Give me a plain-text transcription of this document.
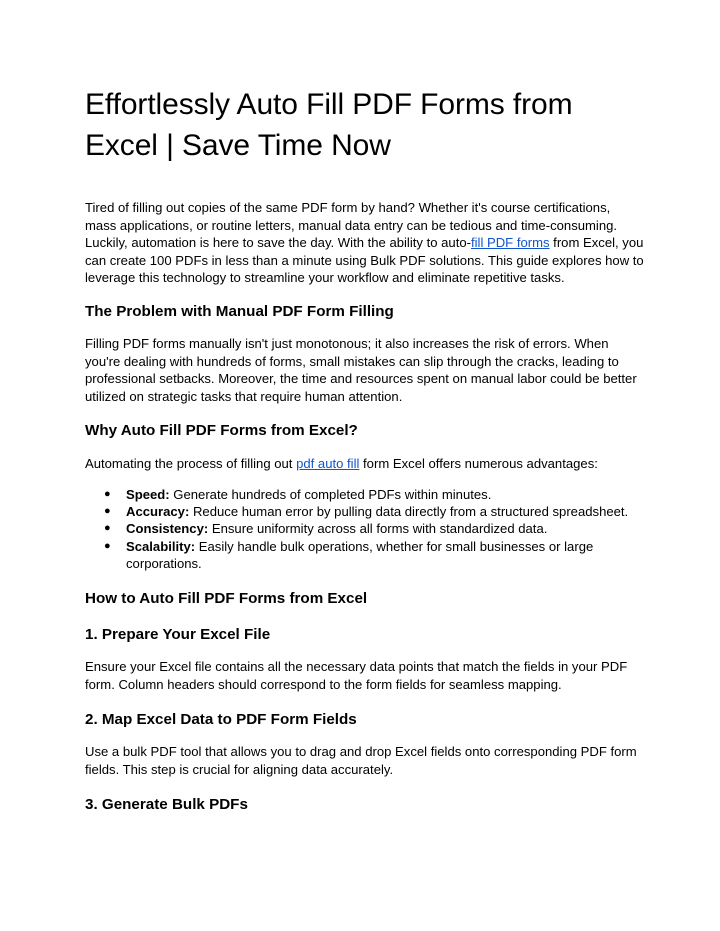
Effortlessly Auto Fill PDF Forms from Excel | Save Time Now

Tired of filling out copies of the same PDF form by hand? Whether it's course certifications, mass applications, or routine letters, manual data entry can be tedious and time-consuming. Luckily, automation is here to save the day. With the ability to auto-fill PDF forms from Excel, you can create 100 PDFs in less than a minute using Bulk PDF solutions. This guide explores how to leverage this technology to streamline your workflow and eliminate repetitive tasks.

The Problem with Manual PDF Form Filling

Filling PDF forms manually isn't just monotonous; it also increases the risk of errors. When you're dealing with hundreds of forms, small mistakes can slip through the cracks, leading to professional setbacks. Moreover, the time and resources spent on manual labor could be better utilized on strategic tasks that require human attention.

Why Auto Fill PDF Forms from Excel?

Automating the process of filling out pdf auto fill form Excel offers numerous advantages:

● Speed: Generate hundreds of completed PDFs within minutes.
● Accuracy: Reduce human error by pulling data directly from a structured spreadsheet.
● Consistency: Ensure uniformity across all forms with standardized data.
● Scalability: Easily handle bulk operations, whether for small businesses or large corporations.
How to Auto Fill PDF Forms from Excel
1. Prepare Your Excel File

Ensure your Excel file contains all the necessary data points that match the fields in your PDF form. Column headers should correspond to the form fields for seamless mapping.

2. Map Excel Data to PDF Form Fields

Use a bulk PDF tool that allows you to drag and drop Excel fields onto corresponding PDF form fields. This step is crucial for aligning data accurately.

3. Generate Bulk PDFs
